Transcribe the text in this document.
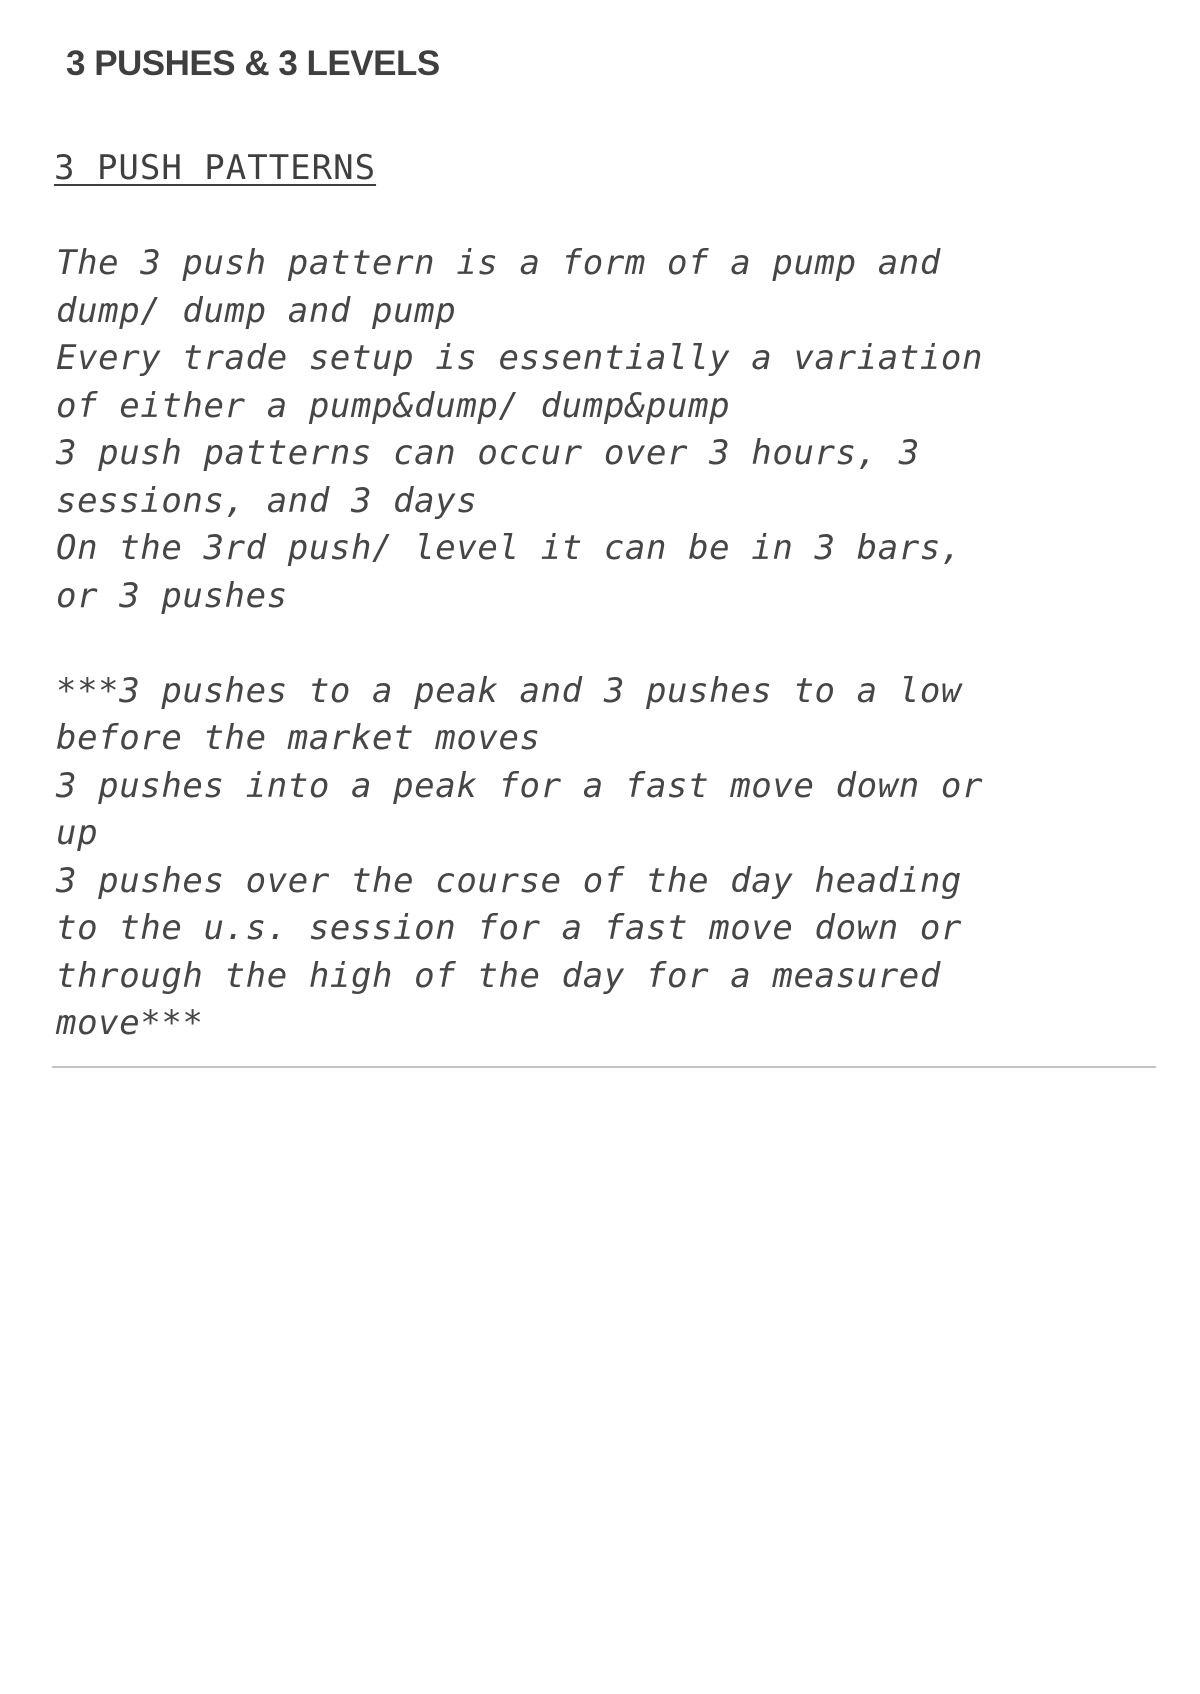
3 PUSHES & 3 LEVELS
3 PUSH PATTERNS
The 3 push pattern is a form of a pump and
dump/ dump and pump
Every trade setup is essentially a variation
of either a pump&dump/ dump&pump
3 push patterns can occur over 3 hours, 3
sessions, and 3 days
On the 3rd push/ level it can be in 3 bars,
or 3 pushes
***3 pushes to a peak and 3 pushes to a low
before the market moves
3 pushes into a peak for a fast move down or
up
3 pushes over the course of the day heading
to the u.s. session for a fast move down or
through the high of the day for a measured
move***
